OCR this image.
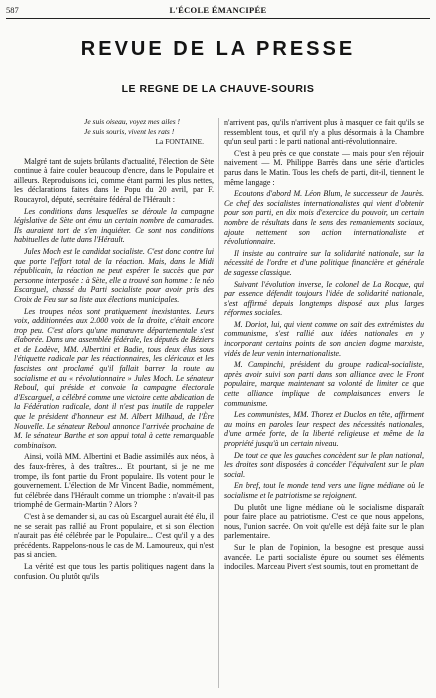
587	L'ÉCOLE ÉMANCIPÉE
REVUE DE LA PRESSE
LE REGNE DE LA CHAUVE-SOURIS
Je suis oiseau, voyez mes ailes !
Je suis souris, vivent les rats !
La FONTAINE.

Malgré tant de sujets brûlants d'actualité, l'élection de Sète continue à faire couler beaucoup d'encre, dans le Populaire et ailleurs. Reproduisons ici, comme étant parmi les plus nettes, les déclarations faites dans le Popu du 20 avril, par F. Roucayrol, député, secrétaire fédéral de l'Hérault :

Les conditions dans lesquelles se déroule la campagne législative de Sète ont ému un certain nombre de camarades. Ils auraient tort de s'en inquiéter. Ce sont nos conditions habituelles de lutte dans l'Hérault.

Jules Moch est le candidat socialiste. C'est donc contre lui que porte l'effort total de la réaction. Mais, dans le Midi républicain, la réaction ne peut espérer le succès que par personne interposée : à Sète, elle a trouvé son homme : le néo Escarguel, chassé du Parti socialiste pour avoir pris des Croix de Feu sur sa liste aux élections municipales.

Les troupes néos sont pratiquement inexistantes. Leurs voix, additionnées aux 2.000 voix de la droite, c'était encore trop peu. C'est alors qu'une manœuvre départementale s'est élaborée. Dans une assemblée fédérale, les députés de Béziers et de Lodève, MM. Albertini et Badie, tous deux élus sous l'étiquette radicale par les réactionnaires, les cléricaux et les fascistes ont proclamé qu'il fallait barrer la route au socialisme et au « révolutionnaire » Jules Moch. Le sénateur Reboul, qui préside et convoie la campagne électorale d'Escarguel, a célébré comme une victoire cette abdication de la Fédération radicale, dont il n'est pas inutile de rappeler que le président d'honneur est M. Albert Milhaud, de l'Ère Nouvelle. Le sénateur Reboul annonce l'arrivée prochaine de M. le sénateur Barthe et son appui total à cette remarquable combinaison.

Ainsi, voilà MM. Albertini et Badie assimilés aux néos, à des faux-frères, à des traîtres... Et pourtant, si je ne me trompe, ils font partie du Front populaire. Ils votent pour le gouvernement. L'élection de Mr Vincent Badie, nommément, fut célébrée dans l'Hérault comme un triomphe : n'avait-il pas triomphé de Germain-Martin ? Alors ?

C'est à se demander si, au cas où Escarguel aurait été élu, il ne se serait pas rallié au Front populaire, et si son élection n'aurait pas été célébrée par le Populaire... C'est qu'il y a des précédents. Rappelons-nous le cas de M. Lamoureux, qui n'est pas si ancien.

La vérité est que tous les partis politiques nagent dans la confusion. Ou plutôt qu'ils

n'arrivent pas, qu'ils n'arrivent plus à masquer ce fait qu'ils se ressemblent tous, et qu'il n'y a plus désormais à la Chambre qu'un seul parti : le parti national anti-révolutionnaire.

C'est à peu près ce que constate — mais pour s'en réjouir naivement — M. Philippe Barrès dans une série d'articles parus dans le Matin. Tous les chefs de parti, dit-il, tiennent le même langage :

Ecoutons d'abord M. Léon Blum, le successeur de Jaurès. Ce chef des socialistes internationalistes qui vient d'obtenir pour son parti, en dix mois d'exercice du pouvoir, un certain nombre de résultats dans le sens des remaniements sociaux, ajoute nettement son action internationaliste et révolutionnaire.

Il insiste au contraire sur la solidarité nationale, sur la nécessité de l'ordre et d'une politique financière et générale de sagesse classique.

Suivant l'évolution inverse, le colonel de La Rocque, qui par essence défendit toujours l'idée de solidarité nationale, s'est affirmé depuis longtemps disposé aux plus larges réformes sociales.

M. Doriot, lui, qui vient comme on sait des extrémistes du communisme, s'est rallié aux idées nationales en y incorporant certains points de son ancien dogme marxiste, vidés de leur venin internationaliste.

M. Campinchi, président du groupe radical-socialiste, après avoir suivi son parti dans son alliance avec le Front populaire, marque maintenant sa volonté de limiter ce que cette alliance implique de complaisances envers le communisme.

Les communistes, MM. Thorez et Duclos en tête, affirment au moins en paroles leur respect des nécessités nationales, d'une armée forte, de la liberté religieuse et même de la propriété jusqu'à un certain niveau.

De tout ce que les gauches concèdent sur le plan national, les droites sont disposées à concéder l'équivalent sur le plan social.

En bref, tout le monde tend vers une ligne médiane où le socialisme et le patriotisme se rejoignent.

Du plutôt une ligne médiane où le socialisme disparaît pour faire place au patriotisme. C'est ce que nous appelons, nous, l'union sacrée. On voit qu'elle est déjà faite sur le plan parlementaire.

Sur le plan de l'opinion, la besogne est presque aussi avancée. Le parti socialiste épure ou soumet ses éléments indociles. Marceau Pivert s'est soumis, tout en promettant de
